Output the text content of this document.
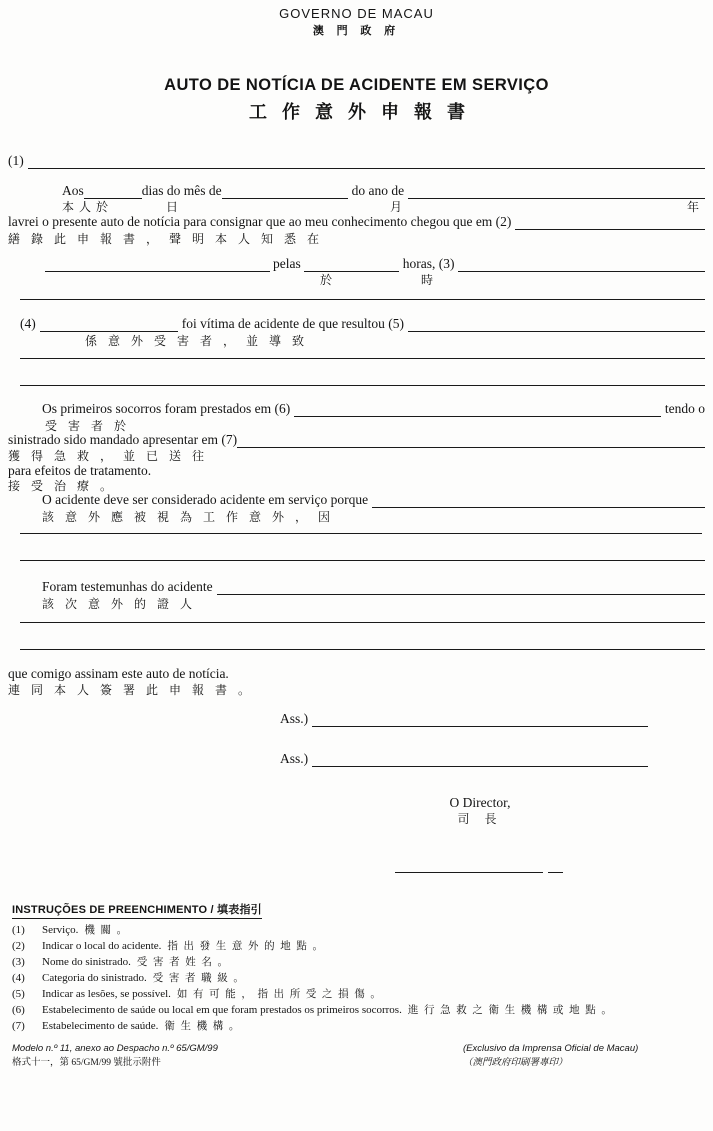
GOVERNO DE MACAU
澳 門 政 府
AUTO DE NOTÍCIA DE ACIDENTE EM SERVIÇO
工作意外申報書
(1)
Aos	dias do mês de	do ano de
本 人 於	日	月	年
lavrei o presente auto de notícia para consignar que ao meu conhecimento chegou que em (2)
繕 錄 此 申 報 書 ， 聲 明 本 人 知 悉 在
pelas	horas, (3)
於	時
(4)	foi vítima de acidente de que resultou (5)
係 意 外 受 害 者 ， 並 導 致
Os primeiros socorros foram prestados em (6)	tendo o
受 害 者 於
sinistrado sido mandado apresentar em (7)
獲 得 急 救 ， 並 已 送 往
para efeitos de tratamento.
接 受 治 療 。
O acidente deve ser considerado acidente em serviço porque
該 意 外 應 被 視 為 工 作 意 外 ， 因
Foram testemunhas do acidente
該 次 意 外 的 證 人
que comigo assinam este auto de notícia.
連 同 本 人 簽 署 此 申 報 書 。
Ass.)
Ass.)
O Director,
司 長
INSTRUÇÕES DE PREENCHIMENTO / 填表指引
(1)	Serviço. 機 關 。
(2)	Indicar o local do acidente. 指 出 發 生 意 外 的 地 點 。
(3)	Nome do sinistrado. 受 害 者 姓 名 。
(4)	Categoria do sinistrado. 受 害 者 職 級 。
(5)	Indicar as lesões, se possível. 如 有 可 能 ， 指 出 所 受 之 損 傷 。
(6)	Estabelecimento de saúde ou local em que foram prestados os primeiros socorros. 進 行 急 救 之 衛 生 機 構 或 地 點 。
(7)	Estabelecimento de saúde. 衛 生 機 構 。
Modelo n.º 11, anexo ao Despacho n.º 65/GM/99
格式十一，第 65/GM/99 號批示附件
(Exclusivo da Imprensa Oficial de Macau)
（澳門政府印刷署專印）
